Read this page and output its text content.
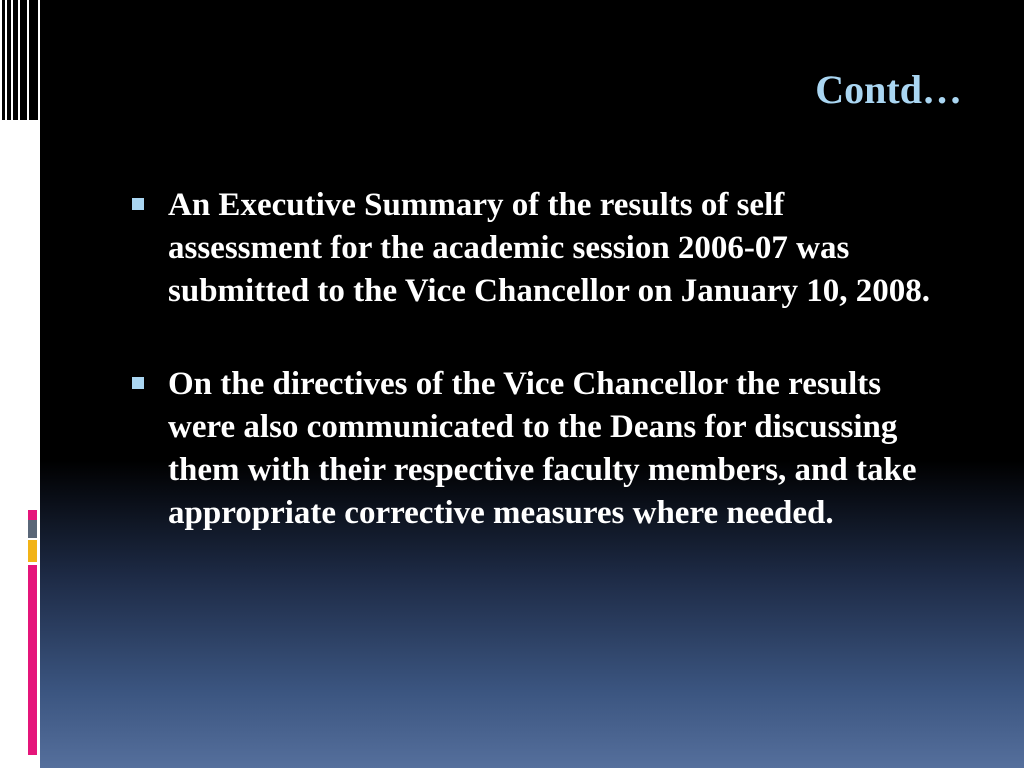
Contd…
An Executive Summary of the results of self assessment for the academic session 2006-07 was submitted to the Vice Chancellor on January 10, 2008.
On the directives of the Vice Chancellor the results were also communicated to the Deans for discussing them with their respective faculty members, and take appropriate corrective measures where needed.
